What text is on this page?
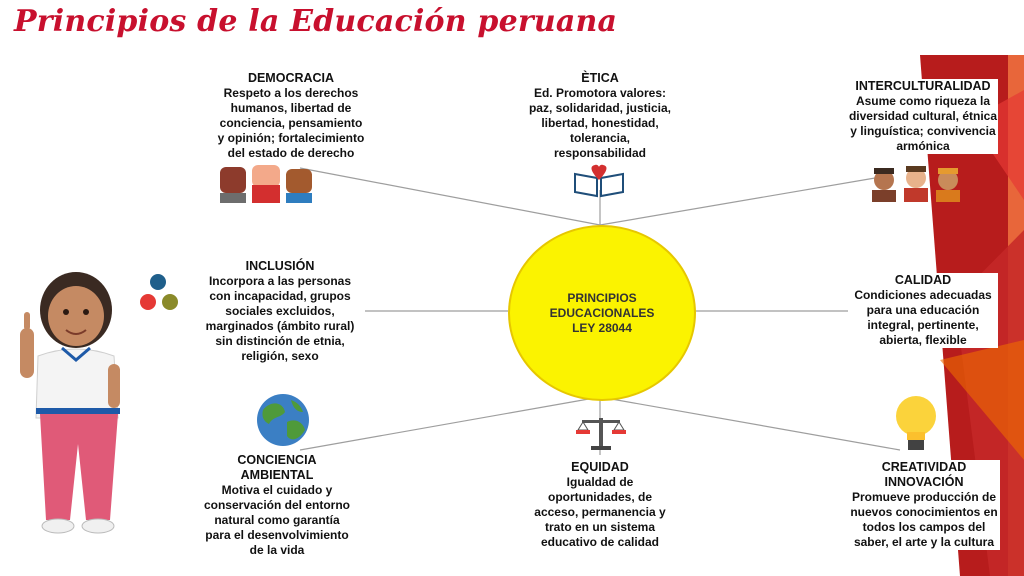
Principios de la Educación peruana
PRINCIPIOS
EDUCACIONALES
LEY 28044
DEMOCRACIA
Respeto a los derechos
humanos, libertad de
conciencia, pensamiento
y opinión; fortalecimiento
del estado de derecho
ÈTICA
Ed. Promotora valores:
paz, solidaridad, justicia,
libertad, honestidad,
tolerancia,
responsabilidad
INTERCULTURALIDAD
Asume como riqueza la
diversidad cultural, étnica
y linguística; convivencia
armónica
INCLUSIÓN
Incorpora a las personas
con incapacidad, grupos
sociales excluidos,
marginados (ámbito rural)
sin distinción de etnia,
religión, sexo
CALIDAD
Condiciones adecuadas
para una educación
integral, pertinente,
abierta, flexible
CONCIENCIA
AMBIENTAL
Motiva el cuidado y
conservación del entorno
natural como garantía
para el desenvolvimiento
de la vida
EQUIDAD
Igualdad de
oportunidades, de
acceso, permanencia y
trato en un sistema
educativo de calidad
CREATIVIDAD
INNOVACIÓN
Promueve producción de
nuevos conocimientos en
todos los campos del
saber, el arte y la cultura
